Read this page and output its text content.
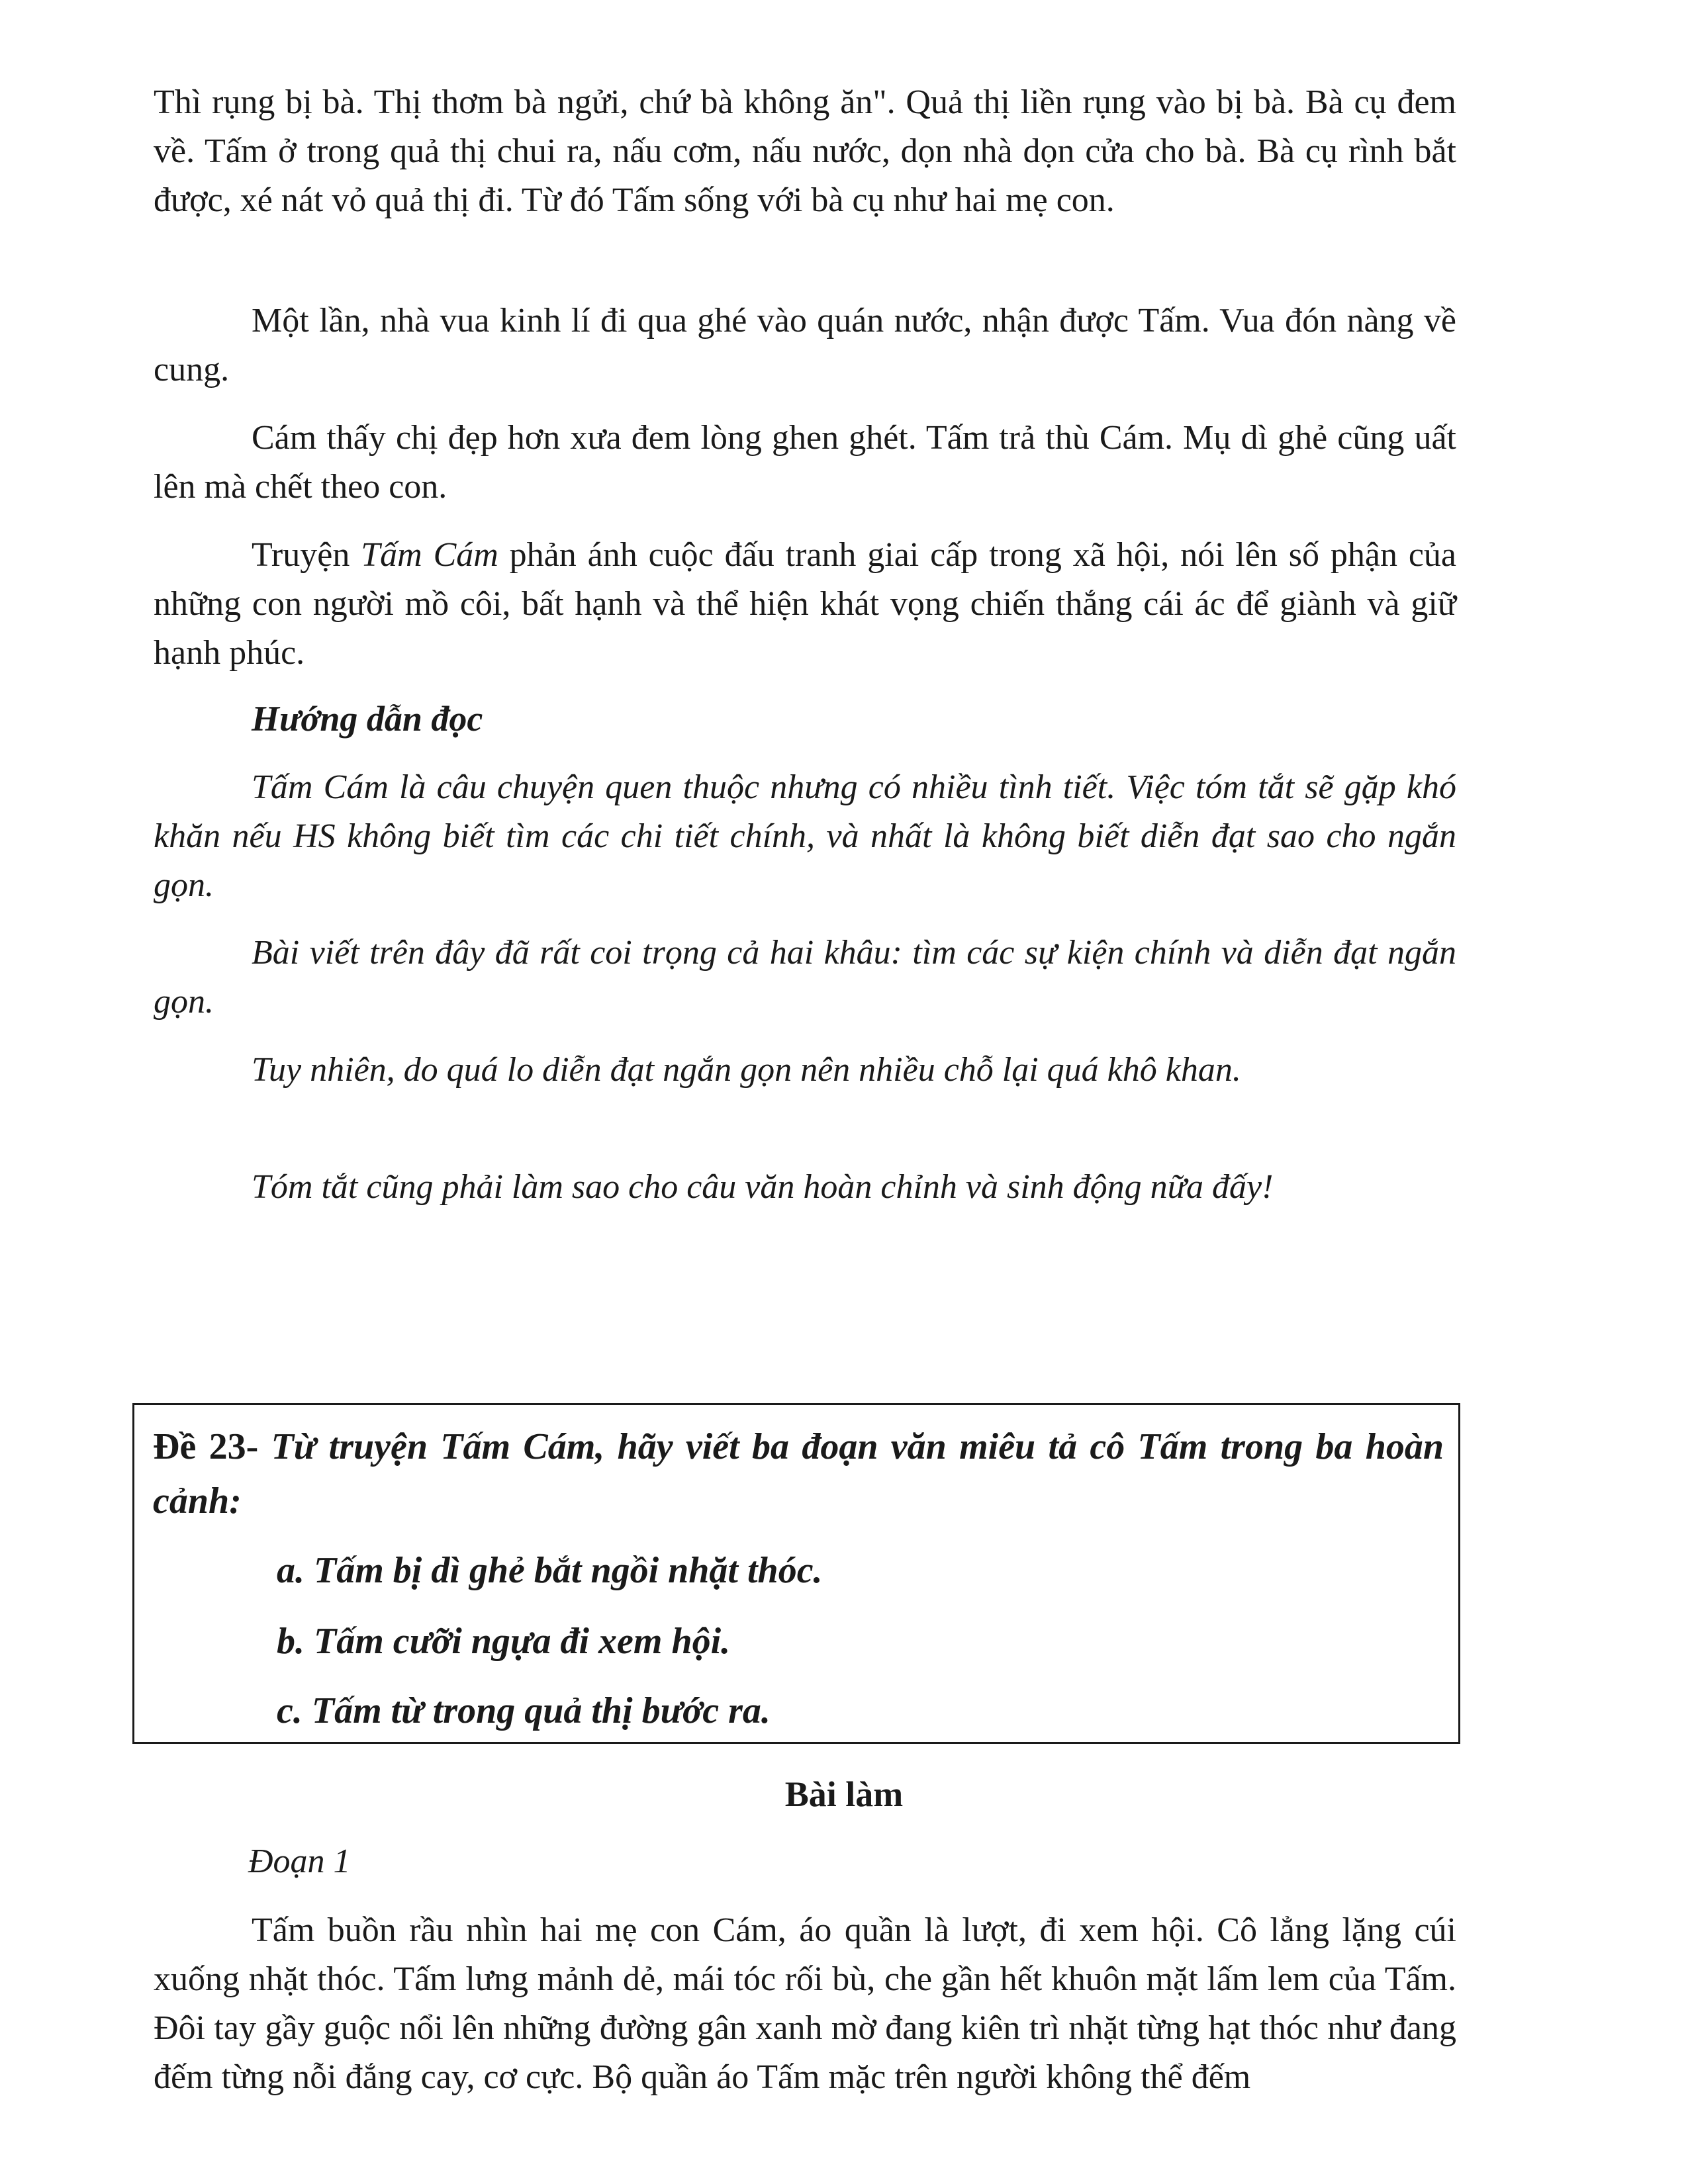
Thì rụng bị bà. Thị thơm bà ngửi, chứ bà không ăn". Quả thị liền rụng vào bị bà. Bà cụ đem về. Tấm ở trong quả thị chui ra, nấu cơm, nấu nước, dọn nhà dọn cửa cho bà. Bà cụ rình bắt được, xé nát vỏ quả thị đi. Từ đó Tấm sống với bà cụ như hai mẹ con.

Một lần, nhà vua kinh lí đi qua ghé vào quán nước, nhận được Tấm. Vua đón nàng về cung.

Cám thấy chị đẹp hơn xưa đem lòng ghen ghét. Tấm trả thù Cám. Mụ dì ghẻ cũng uất lên mà chết theo con.

Truyện Tấm Cám phản ánh cuộc đấu tranh giai cấp trong xã hội, nói lên số phận của những con người mồ côi, bất hạnh và thể hiện khát vọng chiến thắng cái ác để giành và giữ hạnh phúc.

Hướng dẫn đọc

Tấm Cám là câu chuyện quen thuộc nhưng có nhiều tình tiết. Việc tóm tắt sẽ gặp khó khăn nếu HS không biết tìm các chi tiết chính, và nhất là không biết diễn đạt sao cho ngắn gọn.

Bài viết trên đây đã rất coi trọng cả hai khâu: tìm các sự kiện chính và diễn đạt ngắn gọn.

Tuy nhiên, do quá lo diễn đạt ngắn gọn nên nhiều chỗ lại quá khô khan.

Tóm tắt cũng phải làm sao cho câu văn hoàn chỉnh và sinh động nữa đấy!

Đề 23- Từ truyện Tấm Cám, hãy viết ba đoạn văn miêu tả cô Tấm trong ba hoàn cảnh:

a. Tấm bị dì ghẻ bắt ngồi nhặt thóc.

b. Tấm cưỡi ngựa đi xem hội.

c. Tấm từ trong quả thị bước ra.

Bài làm

Đoạn 1

Tấm buồn rầu nhìn hai mẹ con Cám, áo quần là lượt, đi xem hội. Cô lẳng lặng cúi xuống nhặt thóc. Tấm lưng mảnh dẻ, mái tóc rối bù, che gần hết khuôn mặt lấm lem của Tấm. Đôi tay gầy guộc nổi lên những đường gân xanh mờ đang kiên trì nhặt từng hạt thóc như đang đếm từng nỗi đắng cay, cơ cực. Bộ quần áo Tấm mặc trên người không thể đếm
